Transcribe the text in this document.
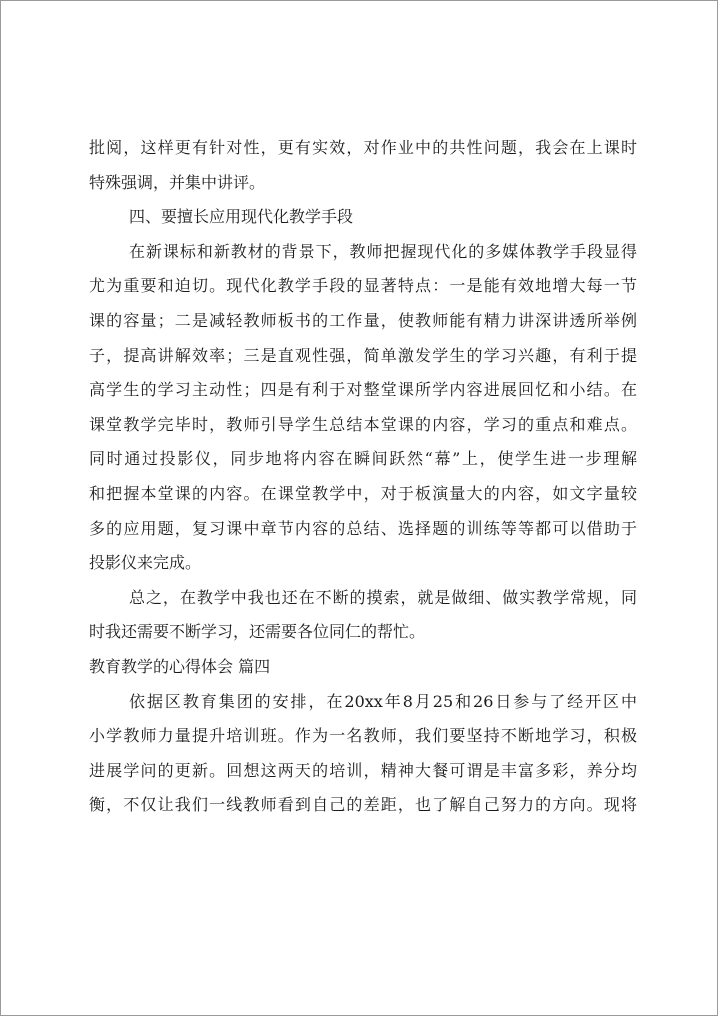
批阅，这样更有针对性，更有实效，对作业中的共性问题，我会在上课时
特殊强调，并集中讲评。
四、要擅长应用现代化教学手段
在新课标和新教材的背景下，教师把握现代化的多媒体教学手段显得
尤为重要和迫切。现代化教学手段的显著特点：一是能有效地增大每一节
课的容量；二是减轻教师板书的工作量，使教师能有精力讲深讲透所举例
子，提高讲解效率；三是直观性强，简单激发学生的学习兴趣，有利于提
高学生的学习主动性；四是有利于对整堂课所学内容进展回忆和小结。在
课堂教学完毕时，教师引导学生总结本堂课的内容，学习的重点和难点。
同时通过投影仪，同步地将内容在瞬间跃然“幕”上，使学生进一步理解
和把握本堂课的内容。在课堂教学中，对于板演量大的内容，如文字量较
多的应用题，复习课中章节内容的总结、选择题的训练等等都可以借助于
投影仪来完成。
总之，在教学中我也还在不断的摸索，就是做细、做实教学常规，同
时我还需要不断学习，还需要各位同仁的帮忙。
教育教学的心得体会 篇四
依据区教育集团的安排，在20xx年8月25和26日参与了经开区中
小学教师力量提升培训班。作为一名教师，我们要坚持不断地学习，积极
进展学问的更新。回想这两天的培训，精神大餐可谓是丰富多彩，养分均
衡，不仅让我们一线教师看到自己的差距，也了解自己努力的方向。现将
